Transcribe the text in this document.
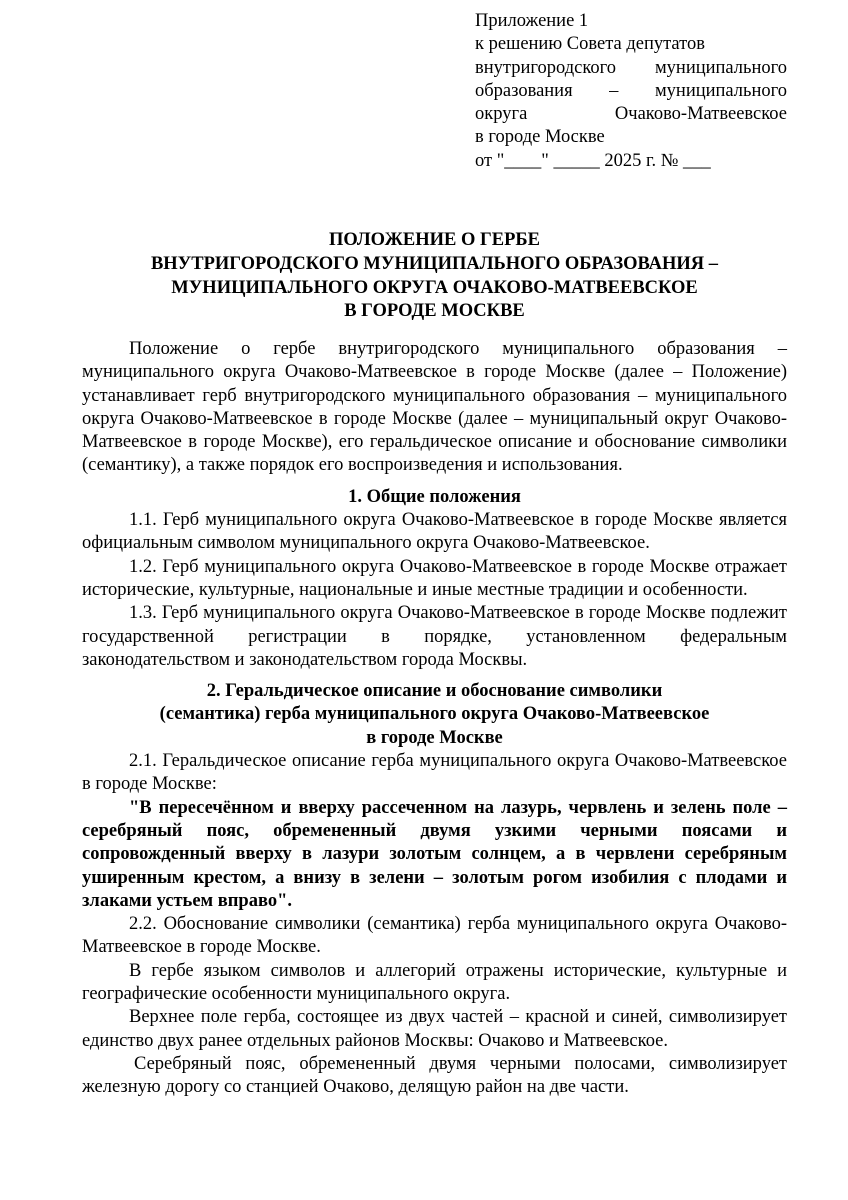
Приложение 1
к решению Совета депутатов
внутригородского муниципального
образования – муниципального
округа Очаково-Матвеевское
в городе Москве
от "____" _____ 2025 г. № ___
ПОЛОЖЕНИЕ О ГЕРБЕ
ВНУТРИГОРОДСКОГО МУНИЦИПАЛЬНОГО ОБРАЗОВАНИЯ –
МУНИЦИПАЛЬНОГО ОКРУГА ОЧАКОВО-МАТВЕЕВСКОЕ
В ГОРОДЕ МОСКВЕ

Положение о гербе внутригородского муниципального образования – муниципального округа Очаково-Матвеевское в городе Москве (далее – Положение) устанавливает герб внутригородского муниципального образования – муниципального округа Очаково-Матвеевское в городе Москве (далее – муниципальный округ Очаково-Матвеевское в городе Москве), его геральдическое описание и обоснование символики (семантику), а также порядок его воспроизведения и использования.

1. Общие положения

1.1. Герб муниципального округа Очаково-Матвеевское в городе Москве является официальным символом муниципального округа Очаково-Матвеевское.

1.2. Герб муниципального округа Очаково-Матвеевское в городе Москве отражает исторические, культурные, национальные и иные местные традиции и особенности.

1.3. Герб муниципального округа Очаково-Матвеевское в городе Москве подлежит государственной регистрации в порядке, установленном федеральным законодательством и законодательством города Москвы.

2. Геральдическое описание и обоснование символики
(семантика) герба муниципального округа Очаково-Матвеевское
в городе Москве

2.1. Геральдическое описание герба муниципального округа Очаково-Матвеевское в городе Москве:

"В пересечённом и вверху рассеченном на лазурь, червлень и зелень поле – серебряный пояс, обремененный двумя узкими черными поясами и сопровожденный вверху в лазури золотым солнцем, а в червлени серебряным уширенным крестом, а внизу в зелени – золотым рогом изобилия с плодами и злаками устьем вправо".

2.2. Обоснование символики (семантика) герба муниципального округа Очаково-Матвеевское в городе Москве.

В гербе языком символов и аллегорий отражены исторические, культурные и географические особенности муниципального округа.

Верхнее поле герба, состоящее из двух частей – красной и синей, символизирует единство двух ранее отдельных районов Москвы: Очаково и Матвеевское.

Серебряный пояс, обремененный двумя черными полосами, символизирует железную дорогу со станцией Очаково, делящую район на две части.
